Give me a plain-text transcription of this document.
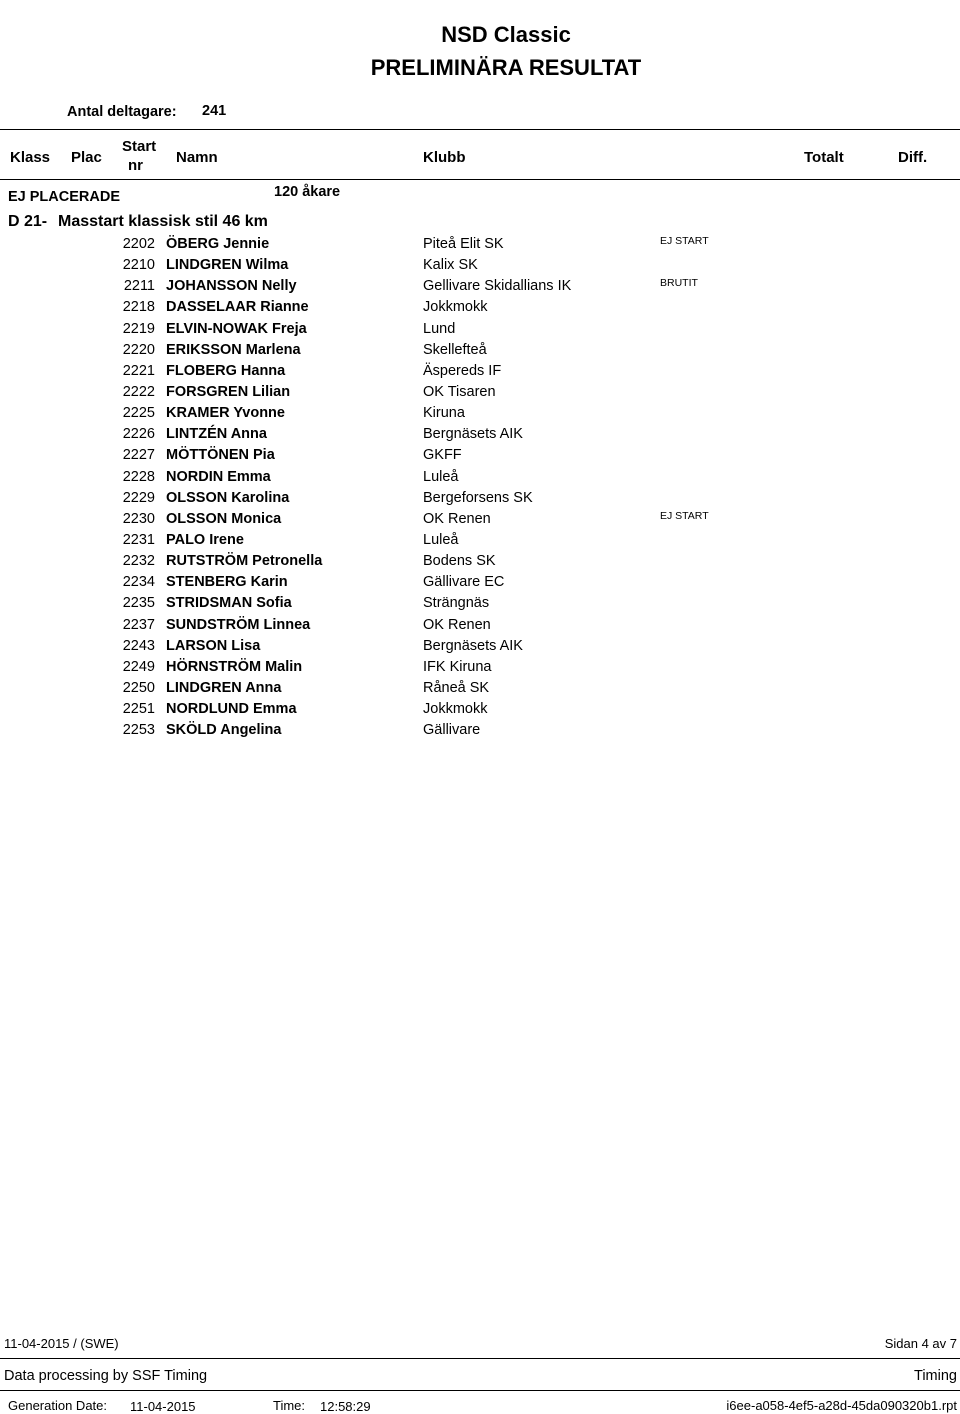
NSD Classic
PRELIMINÄRA RESULTAT
Antal deltagare: 241
Klass Plac
Start
nr Namn	Klubb	Totalt	Diff.
EJ PLACERADE	120 åkare
D 21- Masstart klassisk stil 46 km
2202 ÖBERG Jennie	Piteå Elit SK	EJ START
2210 LINDGREN Wilma	Kalix SK
2211 JOHANSSON Nelly	Gellivare Skidallians IK	BRUTIT
2218 DASSELAAR Rianne	Jokkmokk
2219 ELVIN-NOWAK Freja	Lund
2220 ERIKSSON Marlena	Skellefteå
2221 FLOBERG Hanna	Äspereds IF
2222 FORSGREN Lilian	OK Tisaren
2225 KRAMER Yvonne	Kiruna
2226 LINTZÉN Anna	Bergnäsets AIK
2227 MÖTTÖNEN Pia	GKFF
2228 NORDIN Emma	Luleå
2229 OLSSON Karolina	Bergeforsens SK
2230 OLSSON Monica	OK Renen	EJ START
2231 PALO Irene	Luleå
2232 RUTSTRÖM Petronella	Bodens SK
2234 STENBERG Karin	Gällivare EC
2235 STRIDSMAN Sofia	Strängnäs
2237 SUNDSTRÖM Linnea	OK Renen
2243 LARSON Lisa	Bergnäsets AIK
2249 HÖRNSTRÖM Malin	IFK Kiruna
2250 LINDGREN Anna	Råneå SK
2251 NORDLUND Emma	Jokkmokk
2253 SKÖLD Angelina	Gällivare
11-04-2015 / (SWE)	Sidan 4 av 7
Data processing by SSF Timing	Timing
Generation Date: 11-04-2015	Time: 12:58:29	i6ee-a058-4ef5-a28d-45da090320b1.rpt
